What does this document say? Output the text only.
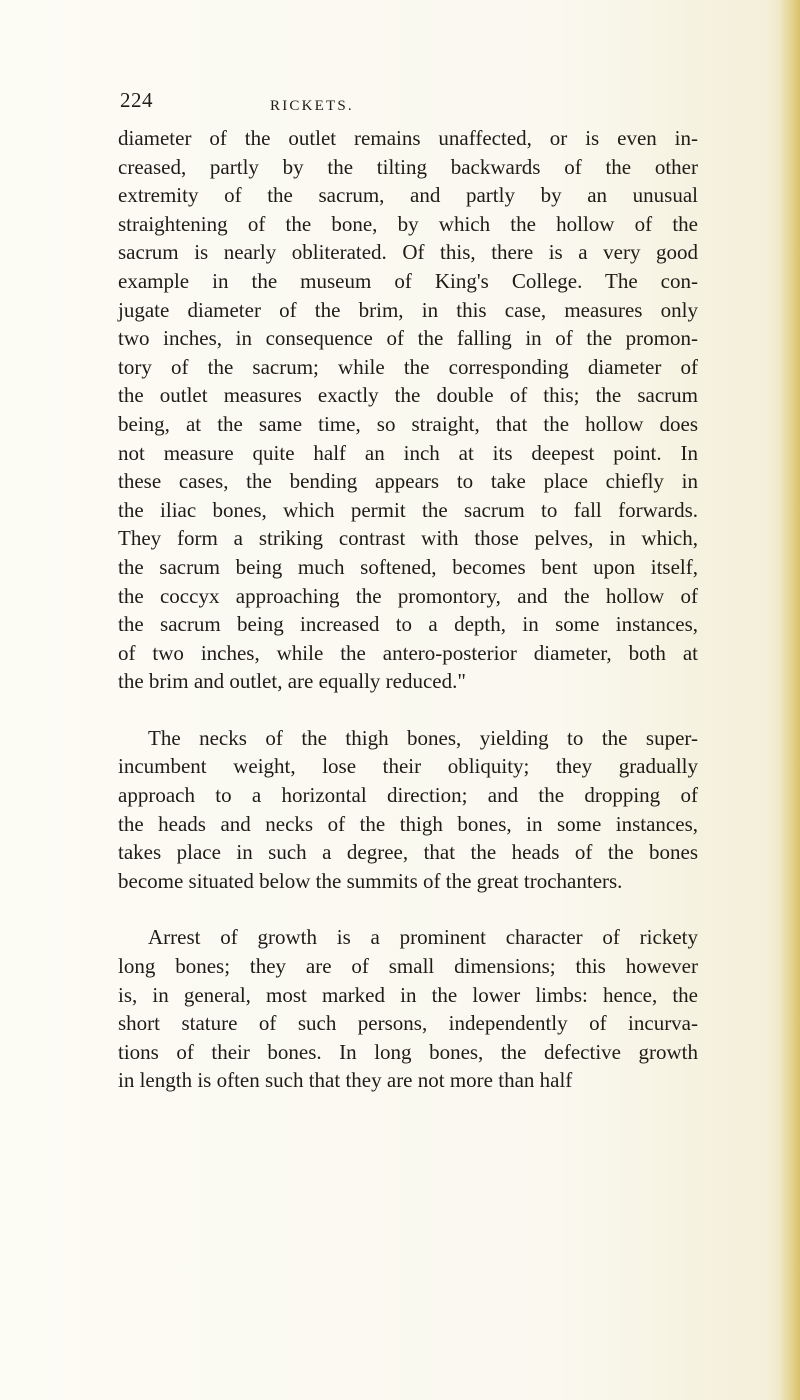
224	RICKETS.
diameter of the outlet remains unaffected, or is even in-
creased, partly by the tilting backwards of the other
extremity of the sacrum, and partly by an unusual
straightening of the bone, by which the hollow of the
sacrum is nearly obliterated. Of this, there is a very good
example in the museum of King's College. The con-
jugate diameter of the brim, in this case, measures only
two inches, in consequence of the falling in of the promon-
tory of the sacrum; while the corresponding diameter of
the outlet measures exactly the double of this; the sacrum
being, at the same time, so straight, that the hollow does
not measure quite half an inch at its deepest point. In
these cases, the bending appears to take place chiefly in
the iliac bones, which permit the sacrum to fall forwards.
They form a striking contrast with those pelves, in which,
the sacrum being much softened, becomes bent upon itself,
the coccyx approaching the promontory, and the hollow of
the sacrum being increased to a depth, in some instances,
of two inches, while the antero-posterior diameter, both at
the brim and outlet, are equally reduced."
The necks of the thigh bones, yielding to the super-
incumbent weight, lose their obliquity; they gradually
approach to a horizontal direction; and the dropping of
the heads and necks of the thigh bones, in some instances,
takes place in such a degree, that the heads of the bones
become situated below the summits of the great trochanters.
Arrest of growth is a prominent character of rickety
long bones; they are of small dimensions; this however
is, in general, most marked in the lower limbs: hence, the
short stature of such persons, independently of incurva-
tions of their bones. In long bones, the defective growth
in length is often such that they are not more than half
